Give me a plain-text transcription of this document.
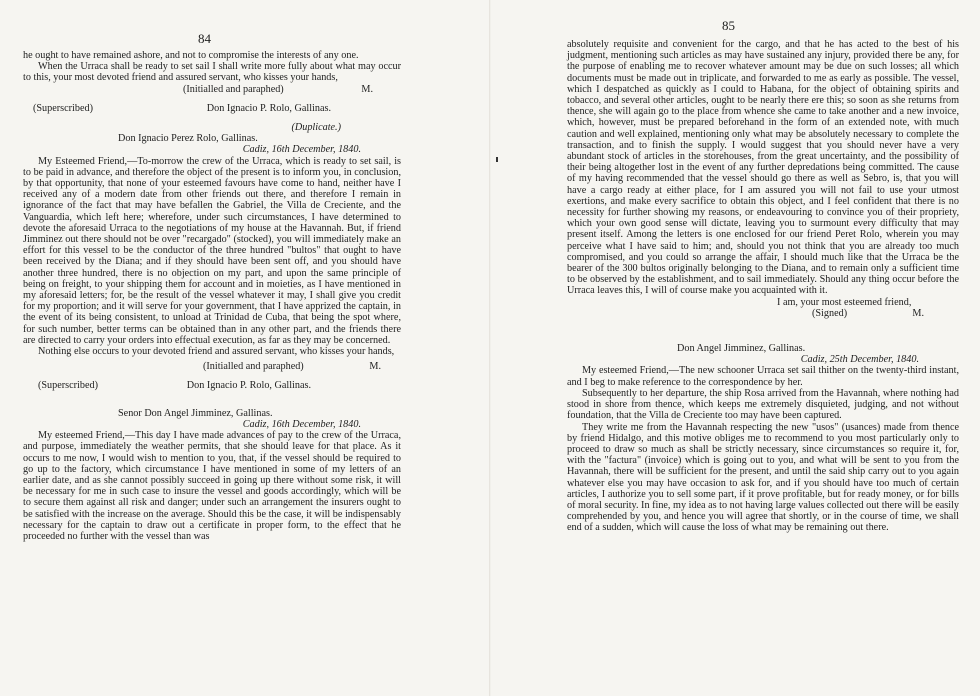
84

he ought to have remained ashore, and not to compromise the interests of any one.

When the Urraca shall be ready to set sail I shall write more fully about what may occur to this, your most devoted friend and assured servant, who kisses your hands,

(Initialled and paraphed)	M.
(Superscribed)	Don Ignacio P. Rolo, Gallinas.

(Duplicate.)

Don Ignacio Perez Rolo, Gallinas.

Cadiz, 16th December, 1840.

My Esteemed Friend,—To-morrow the crew of the Urraca, which is ready to set sail, is to be paid in advance, and therefore the object of the present is to inform you, in conclusion, by that opportunity, that none of your esteemed favours have come to hand, neither have I received any of a modern date from other friends out there, and therefore I remain in ignorance of the fact that may have befallen the Gabriel, the Villa de Creciente, and the Vanguardia, which left here; wherefore, under such circumstances, I have determined to devote the aforesaid Urraca to the negotiations of my house at the Havannah. But, if friend Jimminez out there should not be over "recargado" (stocked), you will immediately make an effort for this vessel to be the conductor of the three hundred "bultos" that ought to have been received by the Diana; and if they should have been sent off, and you should have another three hundred, there is no objection on my part, and upon the same principle of being on freight, to your shipping them for account and in moieties, as I have mentioned in my aforesaid letters; for, be the result of the vessel whatever it may, I shall give you credit for my proportion; and it will serve for your government, that I have apprized the captain, in the event of its being consistent, to unload at Trinidad de Cuba, that being the spot where, for such number, better terms can be obtained than in any other part, and the friends there are directed to carry your orders into effectual execution, as far as they may be concerned.

Nothing else occurs to your devoted friend and assured servant, who kisses your hands,

(Initialled and paraphed)	M.
(Superscribed)	Don Ignacio P. Rolo, Gallinas.

Senor Don Angel Jimminez, Gallinas.

Cadiz, 16th December, 1840.

My esteemed Friend,—This day I have made advances of pay to the crew of the Urraca, and purpose, immediately the weather permits, that she should leave for that place. As it occurs to me now, I would wish to mention to you, that, if the vessel should be required to go up to the factory, which circumstance I have mentioned in some of my letters of an earlier date, and as she cannot possibly succeed in going up there without some risk, it will be necessary for me in such case to insure the vessel and goods accordingly, which will be to secure them against all risk and danger; under such an arrangement the insurers ought to be satisfied with the increase on the average. Should this be the case, it will be indispensably necessary for the captain to draw out a certificate in proper form, to the effect that he proceeded no further with the vessel than was

85

absolutely requisite and convenient for the cargo, and that he has acted to the best of his judgment, mentioning such articles as may have sustained any injury, provided there be any, for the purpose of enabling me to recover whatever amount may be due on such losses; all which documents must be made out in triplicate, and forwarded to me as early as possible. The vessel, which I despatched as quickly as I could to Habana, for the object of obtaining spirits and tobacco, and several other articles, ought to be nearly there ere this; so soon as she returns from thence, she will again go to the place from whence she came to take another and a new invoice, which, however, must be prepared beforehand in the form of an extended note, with much caution and well explained, mentioning only what may be absolutely necessary to complete the transaction, and to finish the supply. I would suggest that you should never have a very abundant stock of articles in the storehouses, from the great uncertainty, and the possibility of their being altogether lost in the event of any further depredations being committed. The cause of my having recommended that the vessel should go there as well as Sebro, is, that you will have a cargo ready at either place, for I am assured you will not fail to use your utmost exertions, and make every sacrifice to obtain this object, and I feel confident that there is no necessity for further showing my reasons, or endeavouring to convince you of their propriety, which your own good sense will dictate, leaving you to surmount every difficulty that may present itself. Among the letters is one enclosed for our friend Peret Rolo, wherein you may perceive what I have said to him; and, should you not think that you are already too much compromised, and you could so arrange the affair, I should much like that the Urraca be the bearer of the 300 bultos originally belonging to the Diana, and to remain only a sufficient time to be observed by the establishment, and to sail immediately. Should any thing occur before the Urraca leaves this, I will of course make you acquainted with it.

I am, your most esteemed friend,

(Signed)	M.

Don Angel Jimminez, Gallinas.

Cadiz, 25th December, 1840.

My esteemed Friend,—The new schooner Urraca set sail thither on the twenty-third instant, and I beg to make reference to the correspondence by her.

Subsequently to her departure, the ship Rosa arrived from the Havannah, where nothing had stood in shore from thence, which keeps me extremely disquieted, judging, and not without foundation, that the Villa de Creciente too may have been captured.

They write me from the Havannah respecting the new "usos" (usances) made from thence by friend Hidalgo, and this motive obliges me to recommend to you most particularly only to proceed to draw so much as shall be strictly necessary, since circumstances so require it, for, with the "factura" (invoice) which is going out to you, and what will be sent to you from the Havannah, there will be sufficient for the present, and until the said ship carry out to you again whatever else you may have occasion to ask for, and if you should have too much of certain articles, I authorize you to sell some part, if it prove profitable, but for ready money, or for bills of moral security. In fine, my idea as to not having large values collected out there will be easily comprehended by you, and hence you will agree that shortly, or in the course of time, we shall end of a sudden, which will cause the loss of what may be remaining out there.
